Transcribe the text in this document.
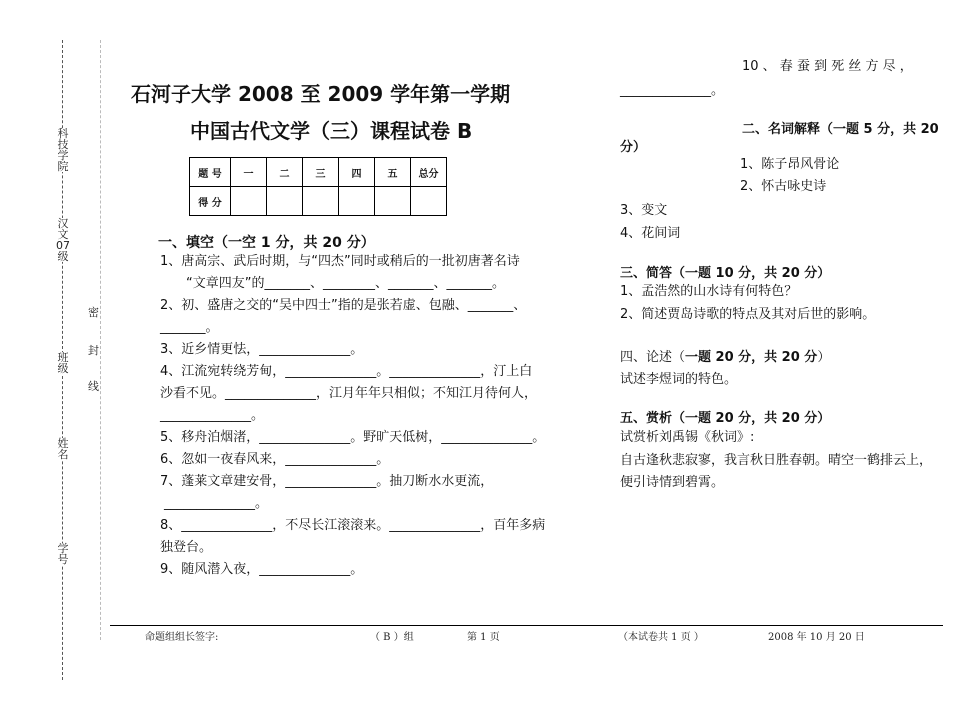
科技学院
汉文07级
班级
姓名
学号
密
封
线
石河子大学 2008 至 2009 学年第一学期
中国古代文学（三）课程试卷 B
题 号	一	二	三	四	五	总分
得 分						
一、填空（一空 1 分，共 20 分）
1、唐高宗、武后时期，与“四杰”同时或稍后的一批初唐著名诗
“文章四友”的_______、________、_______、_______。
2、初、盛唐之交的“吴中四士”指的是张若虚、包融、_______、
_______。
3、近乡情更怯，______________。
4、江流宛转绕芳甸，______________。______________，汀上白
沙看不见。______________，江月年年只相似；不知江月待何人，
______________。
5、移舟泊烟渚，______________。野旷天低树，______________。
6、忽如一夜春风来，______________。
7、蓬莱文章建安骨，______________。抽刀断水水更流，
______________。
8、______________，不尽长江滚滚来。______________，百年多病
独登台。
9、随风潜入夜，______________。
10 、 春 蚕 到 死 丝 方 尽 ，
______________。
二、名词解释（一题 5 分，共 20
分）
1、陈子昂风骨论
2、怀古咏史诗
3、变文
4、花间词
三、简答（一题 10 分，共 20 分）
1、孟浩然的山水诗有何特色？
2、简述贾岛诗歌的特点及其对后世的影响。
四、论述（一题 20 分，共 20 分）
试述李煜词的特色。
五、赏析（一题 20 分，共 20 分）
试赏析刘禹锡《秋词》:
自古逢秋悲寂寥，我言秋日胜春朝。晴空一鹤排云上，
便引诗情到碧霄。
命题组组长签字:	（ B ）组	第 1 页	（本试卷共 1 页 ）	2008 年 10 月 20 日
